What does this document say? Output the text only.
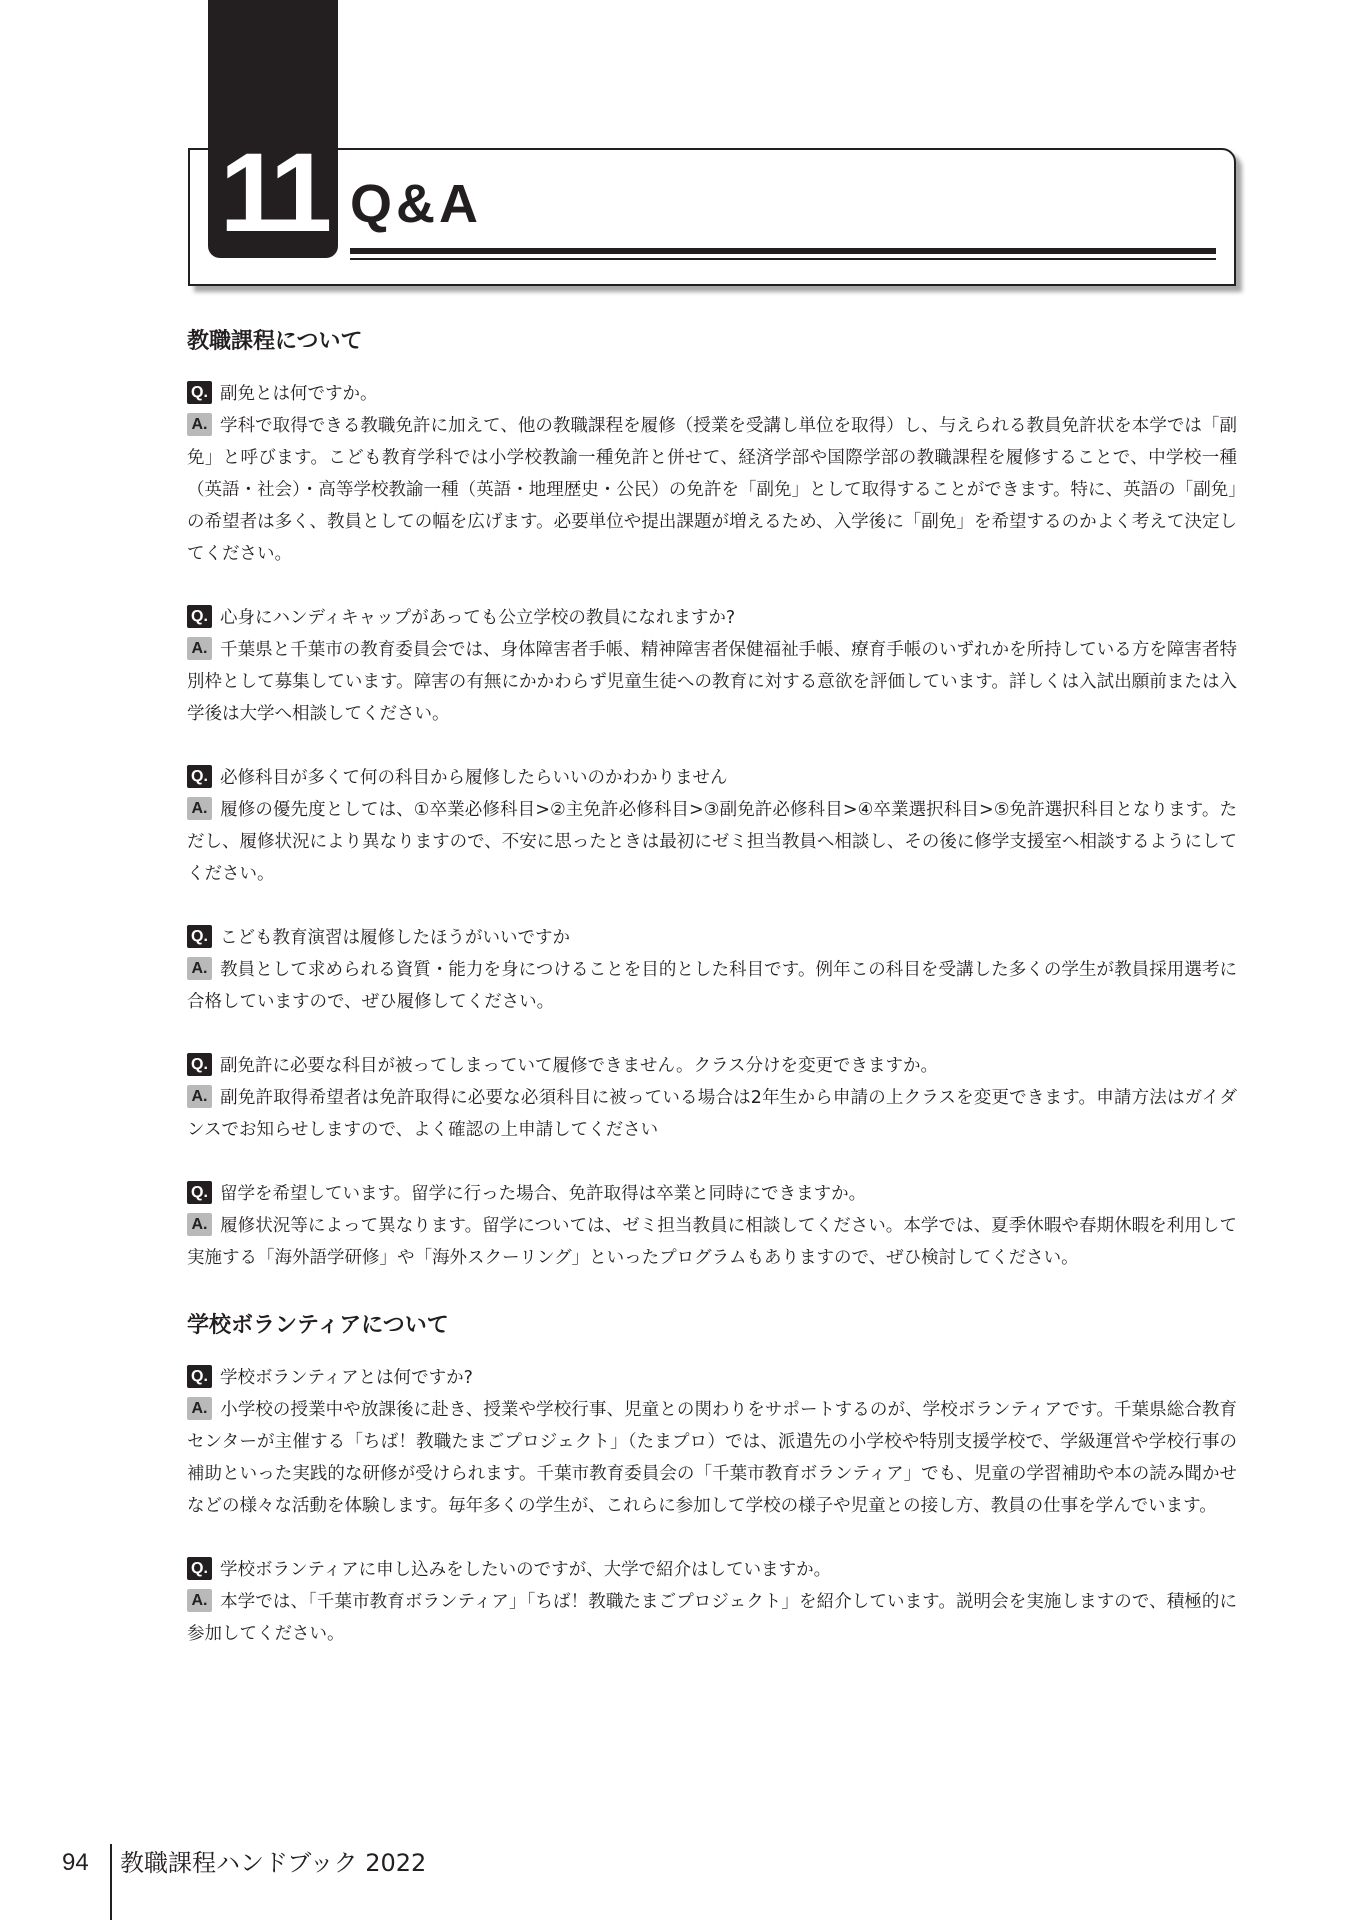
11 Q&A
教職課程について
Q. 副免とは何ですか。
A. 学科で取得できる教職免許に加えて、他の教職課程を履修（授業を受講し単位を取得）し、与えられる教員免許状を本学では「副免」と呼びます。こども教育学科では小学校教諭一種免許と併せて、経済学部や国際学部の教職課程を履修することで、中学校一種（英語・社会）・高等学校教諭一種（英語・地理歴史・公民）の免許を「副免」として取得することができます。特に、英語の「副免」の希望者は多く、教員としての幅を広げます。必要単位や提出課題が増えるため、入学後に「副免」を希望するのかよく考えて決定してください。
Q. 心身にハンディキャップがあっても公立学校の教員になれますか?
A. 千葉県と千葉市の教育委員会では、身体障害者手帳、精神障害者保健福祉手帳、療育手帳のいずれかを所持している方を障害者特別枠として募集しています。障害の有無にかかわらず児童生徒への教育に対する意欲を評価しています。詳しくは入試出願前または入学後は大学へ相談してください。
Q. 必修科目が多くて何の科目から履修したらいいのかわかりません
A. 履修の優先度としては、①卒業必修科目>②主免許必修科目>③副免許必修科目>④卒業選択科目>⑤免許選択科目となります。ただし、履修状況により異なりますので、不安に思ったときは最初にゼミ担当教員へ相談し、その後に修学支援室へ相談するようにしてください。
Q. こども教育演習は履修したほうがいいですか
A. 教員として求められる資質・能力を身につけることを目的とした科目です。例年この科目を受講した多くの学生が教員採用選考に合格していますので、ぜひ履修してください。
Q. 副免許に必要な科目が被ってしまっていて履修できません。クラス分けを変更できますか。
A. 副免許取得希望者は免許取得に必要な必須科目に被っている場合は2年生から申請の上クラスを変更できます。申請方法はガイダンスでお知らせしますので、よく確認の上申請してください
Q. 留学を希望しています。留学に行った場合、免許取得は卒業と同時にできますか。
A. 履修状況等によって異なります。留学については、ゼミ担当教員に相談してください。本学では、夏季休暇や春期休暇を利用して実施する「海外語学研修」や「海外スクーリング」といったプログラムもありますので、ぜひ検討してください。
学校ボランティアについて
Q. 学校ボランティアとは何ですか?
A. 小学校の授業中や放課後に赴き、授業や学校行事、児童との関わりをサポートするのが、学校ボランティアです。千葉県総合教育センターが主催する「ちば！教職たまごプロジェクト」（たまプロ）では、派遣先の小学校や特別支援学校で、学級運営や学校行事の補助といった実践的な研修が受けられます。千葉市教育委員会の「千葉市教育ボランティア」でも、児童の学習補助や本の読み聞かせなどの様々な活動を体験します。毎年多くの学生が、これらに参加して学校の様子や児童との接し方、教員の仕事を学んでいます。
Q. 学校ボランティアに申し込みをしたいのですが、大学で紹介はしていますか。
A. 本学では、「千葉市教育ボランティア」「ちば！教職たまごプロジェクト」を紹介しています。説明会を実施しますので、積極的に参加してください。
94 教職課程ハンドブック 2022
